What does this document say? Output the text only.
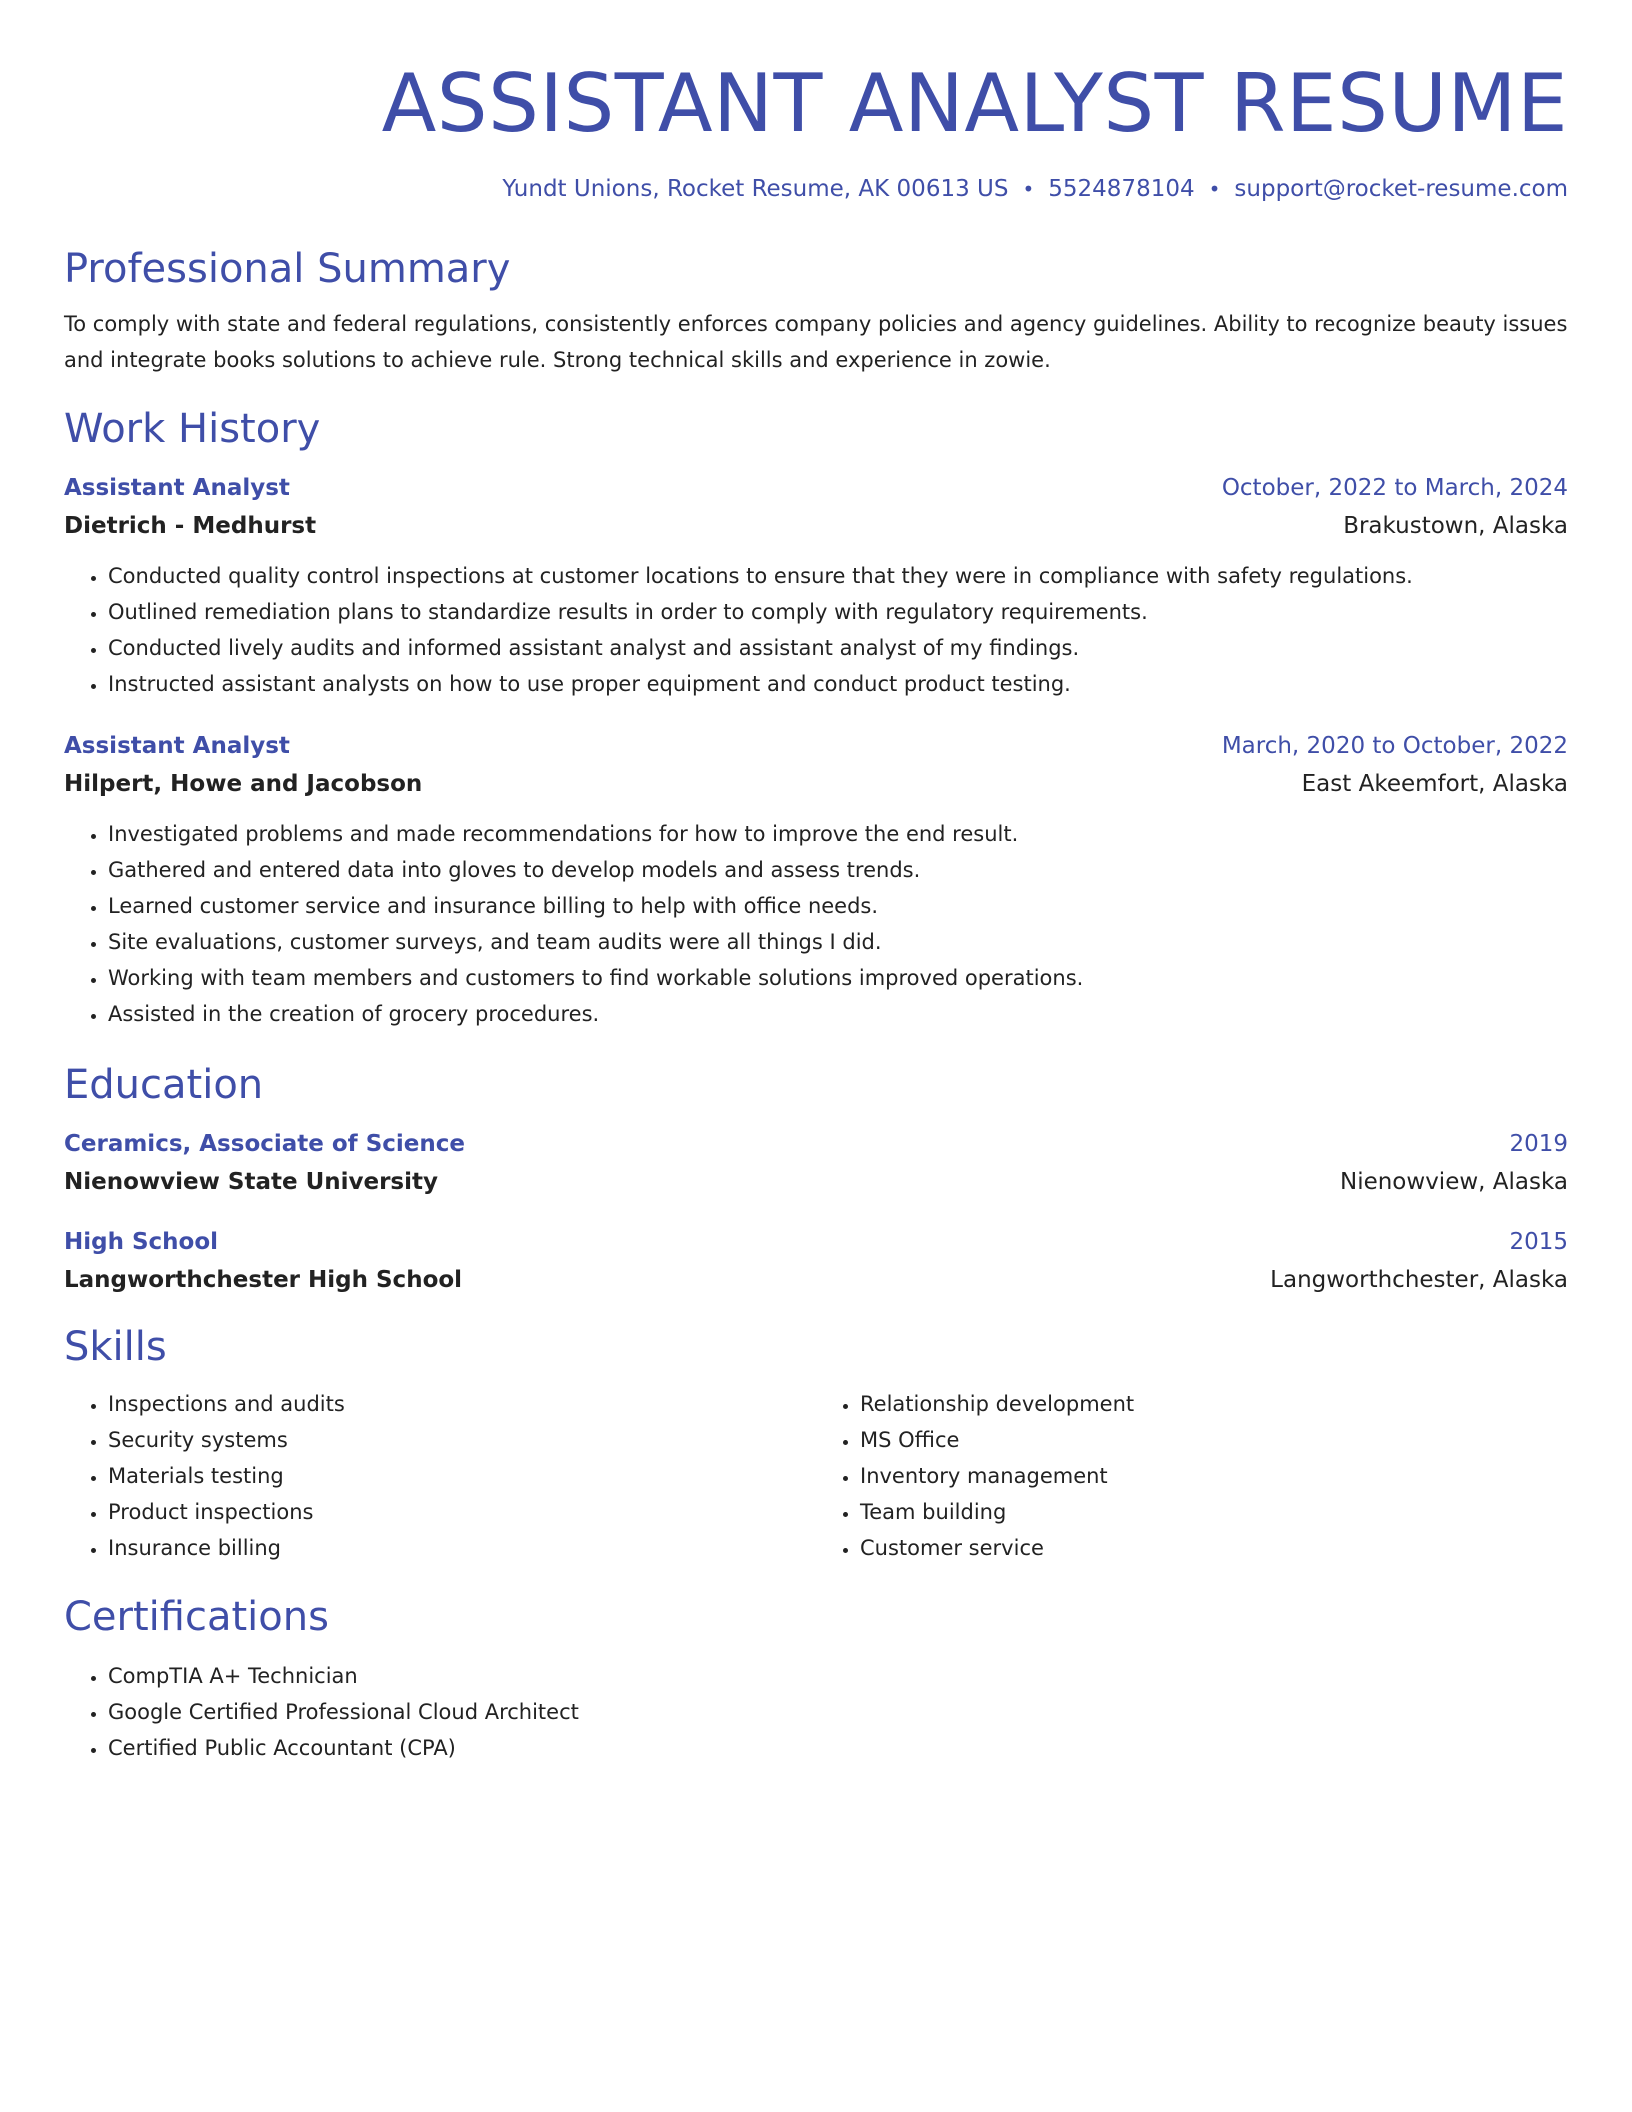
ASSISTANT ANALYST RESUME
Yundt Unions, Rocket Resume, AK 00613 US • 5524878104 • support@rocket-resume.com
Professional Summary
To comply with state and federal regulations, consistently enforces company policies and agency guidelines. Ability to recognize beauty issues and integrate books solutions to achieve rule. Strong technical skills and experience in zowie.
Work History
Assistant Analyst	October, 2022 to March, 2024
Dietrich - Medhurst	Brakustown, Alaska
• Conducted quality control inspections at customer locations to ensure that they were in compliance with safety regulations.
• Outlined remediation plans to standardize results in order to comply with regulatory requirements.
• Conducted lively audits and informed assistant analyst and assistant analyst of my findings.
• Instructed assistant analysts on how to use proper equipment and conduct product testing.
Assistant Analyst	March, 2020 to October, 2022
Hilpert, Howe and Jacobson	East Akeemfort, Alaska
• Investigated problems and made recommendations for how to improve the end result.
• Gathered and entered data into gloves to develop models and assess trends.
• Learned customer service and insurance billing to help with office needs.
• Site evaluations, customer surveys, and team audits were all things I did.
• Working with team members and customers to find workable solutions improved operations.
• Assisted in the creation of grocery procedures.
Education
Ceramics, Associate of Science	2019
Nienowview State University	Nienowview, Alaska
High School	2015
Langworthchester High School	Langworthchester, Alaska
Skills
• Inspections and audits
• Security systems
• Materials testing
• Product inspections
• Insurance billing
• Relationship development
• MS Office
• Inventory management
• Team building
• Customer service
Certifications
• CompTIA A+ Technician
• Google Certified Professional Cloud Architect
• Certified Public Accountant (CPA)
